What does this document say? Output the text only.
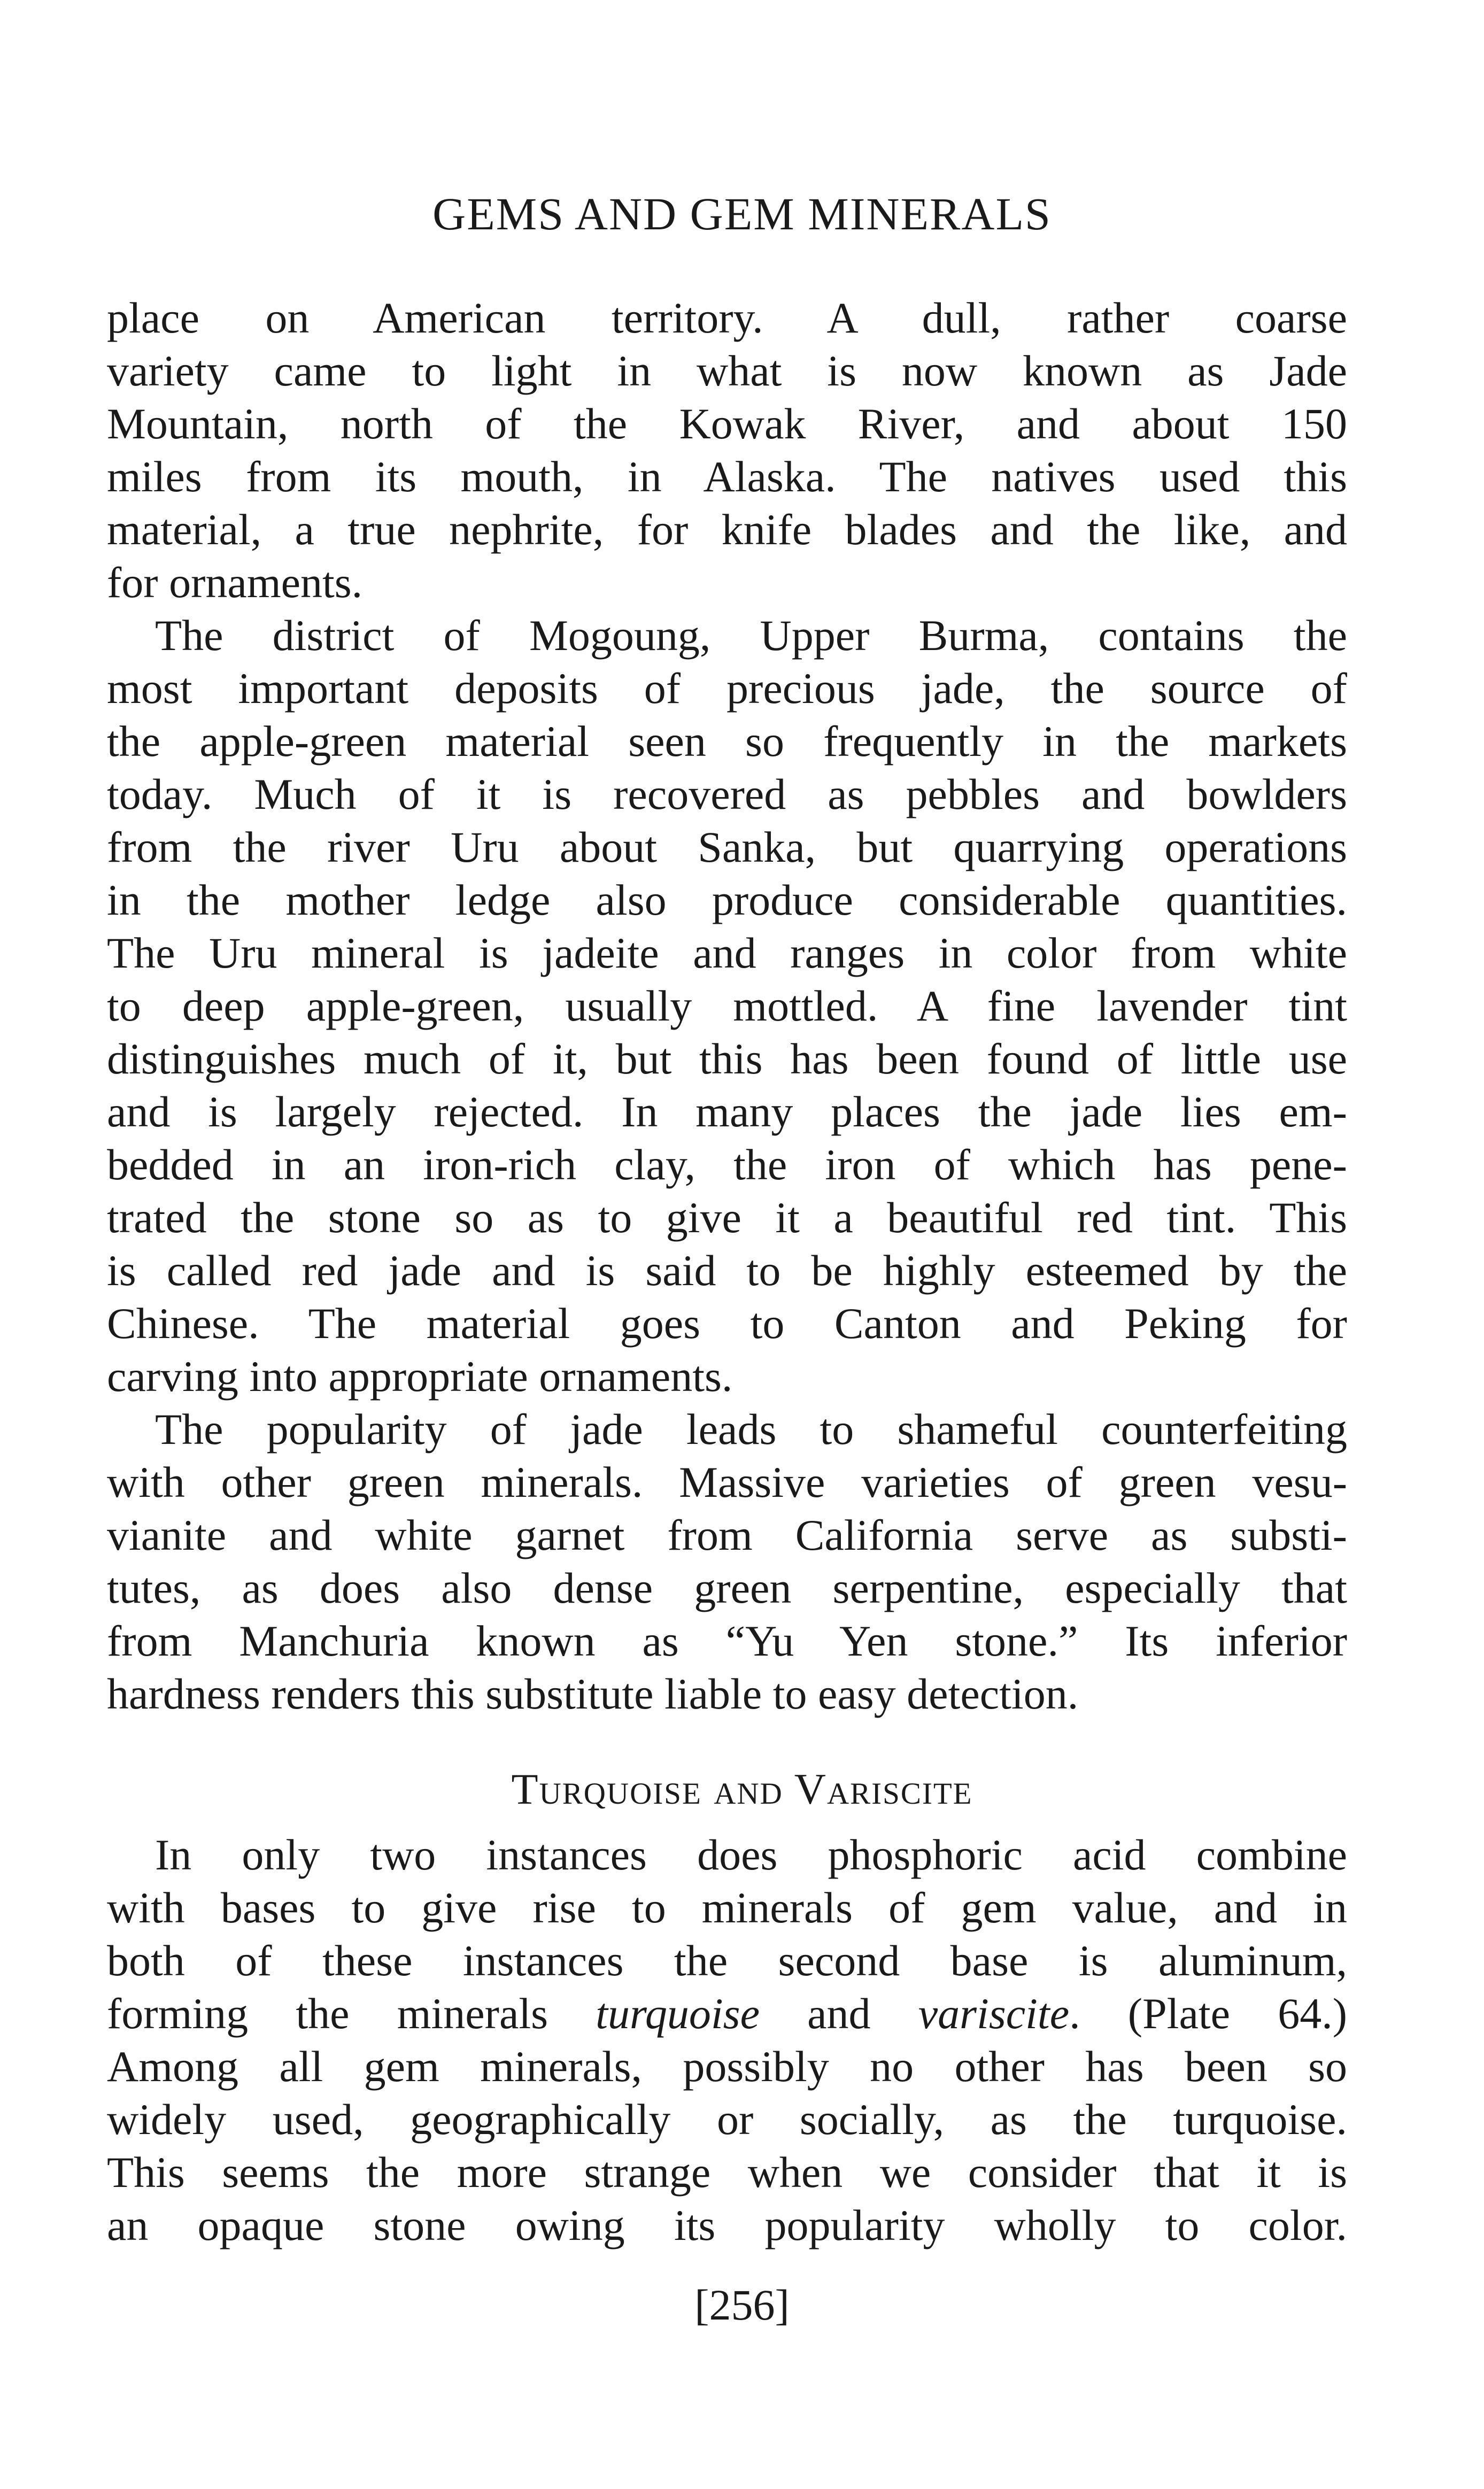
GEMS AND GEM MINERALS
place on American territory. A dull, rather coarse
variety came to light in what is now known as Jade
Mountain, north of the Kowak River, and about 150
miles from its mouth, in Alaska. The natives used this
material, a true nephrite, for knife blades and the like, and
for ornaments.
The district of Mogoung, Upper Burma, contains the
most important deposits of precious jade, the source of
the apple-green material seen so frequently in the markets
today. Much of it is recovered as pebbles and bowlders
from the river Uru about Sanka, but quarrying operations
in the mother ledge also produce considerable quantities.
The Uru mineral is jadeite and ranges in color from white
to deep apple-green, usually mottled. A fine lavender tint
distinguishes much of it, but this has been found of little use
and is largely rejected. In many places the jade lies em-
bedded in an iron-rich clay, the iron of which has pene-
trated the stone so as to give it a beautiful red tint. This
is called red jade and is said to be highly esteemed by the
Chinese. The material goes to Canton and Peking for
carving into appropriate ornaments.
The popularity of jade leads to shameful counterfeiting
with other green minerals. Massive varieties of green vesu-
vianite and white garnet from California serve as substi-
tutes, as does also dense green serpentine, especially that
from Manchuria known as “Yu Yen stone.” Its inferior
hardness renders this substitute liable to easy detection.
Turquoise and Variscite
In only two instances does phosphoric acid combine
with bases to give rise to minerals of gem value, and in
both of these instances the second base is aluminum,
forming the minerals turquoise and variscite. (Plate 64.)
Among all gem minerals, possibly no other has been so
widely used, geographically or socially, as the turquoise.
This seems the more strange when we consider that it is
an opaque stone owing its popularity wholly to color.
[256]
